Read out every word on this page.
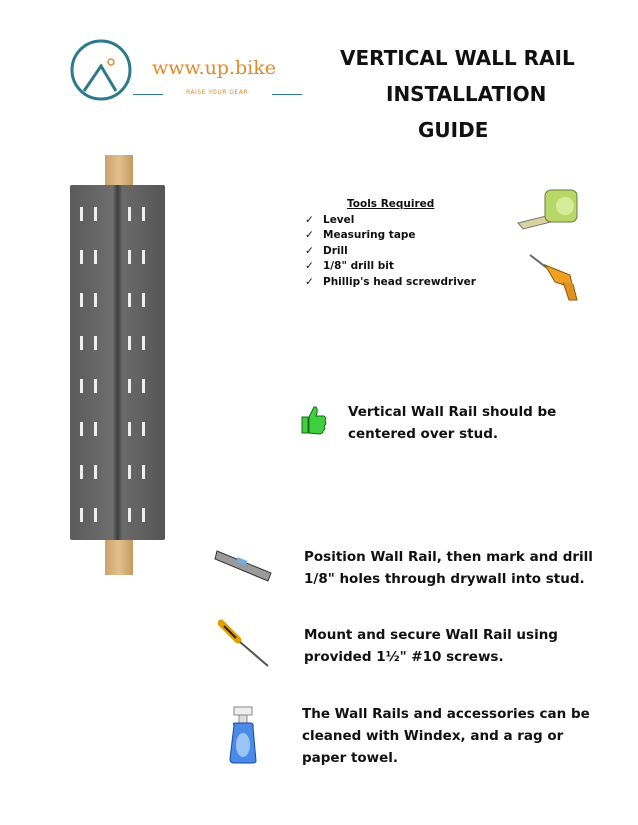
www.up.bike
RAISE YOUR GEAR
VERTICAL WALL RAIL
INSTALLATION
GUIDE
Tools Required
✓ Level
✓ Measuring tape
✓ Drill
✓ 1/8" drill bit
✓ Phillip's head screwdriver
Vertical Wall Rail should be centered over stud.
Position Wall Rail, then mark and drill 1/8" holes through drywall into stud.
Mount and secure Wall Rail using provided 1½" #10 screws.
The Wall Rails and accessories can be cleaned with Windex, and a rag or paper towel.
